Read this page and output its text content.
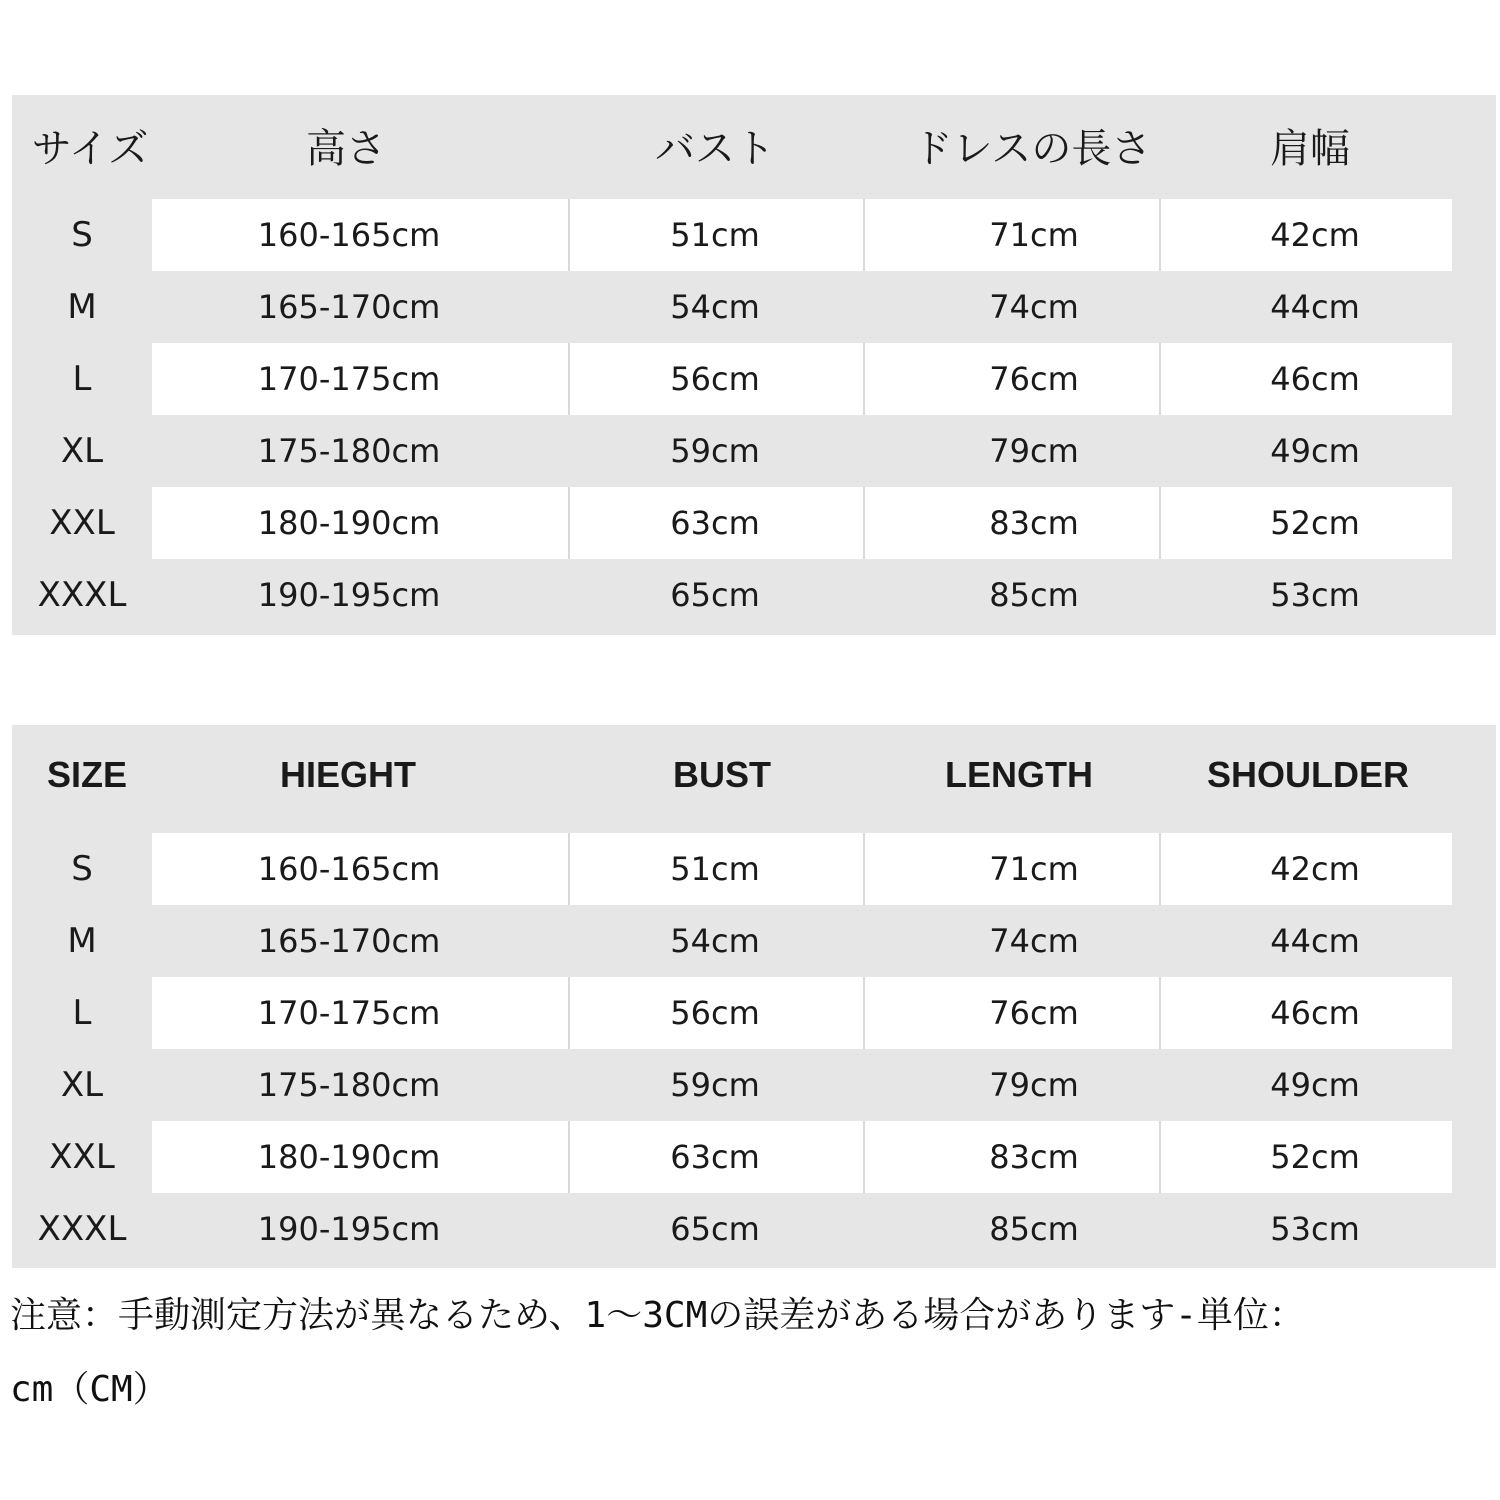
サイズ	高さ	バスト	ドレスの長さ	肩幅
S	160-165cm	51cm	71cm	42cm
M	165-170cm	54cm	74cm	44cm
L	170-175cm	56cm	76cm	46cm
XL	175-180cm	59cm	79cm	49cm
XXL	180-190cm	63cm	83cm	52cm
XXXL	190-195cm	65cm	85cm	53cm
SIZE	HIEGHT	BUST	LENGTH	SHOULDER
S	160-165cm	51cm	71cm	42cm
M	165-170cm	54cm	74cm	44cm
L	170-175cm	56cm	76cm	46cm
XL	175-180cm	59cm	79cm	49cm
XXL	180-190cm	63cm	83cm	52cm
XXXL	190-195cm	65cm	85cm	53cm
注意：手動測定方法が異なるため、1～3CMの誤差がある場合があります-単位：
cm（CM）
